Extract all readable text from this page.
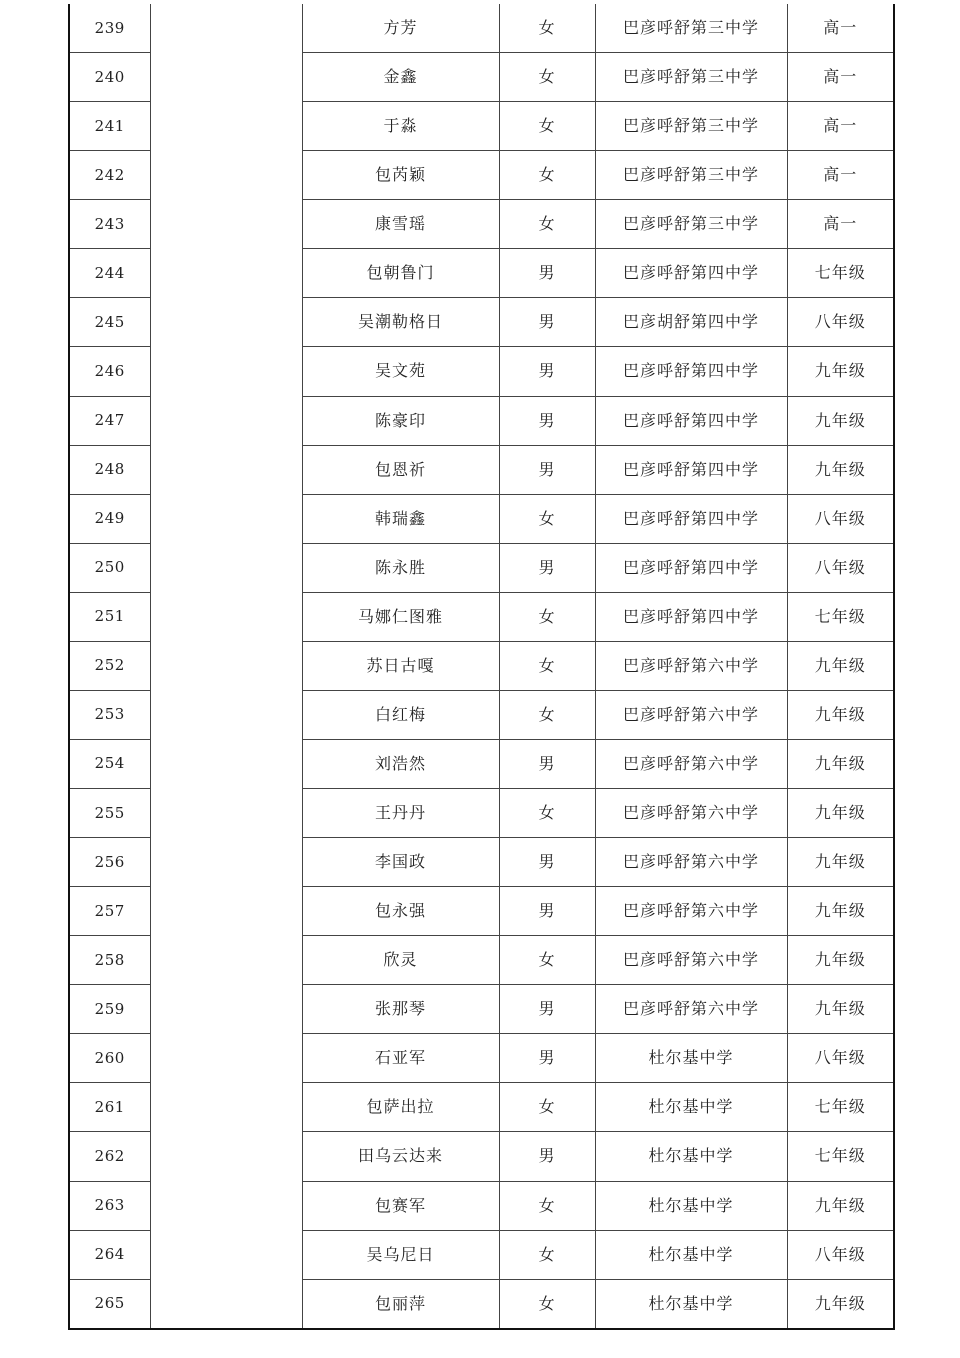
239		方芳	女	巴彦呼舒第三中学	高一
240		金鑫	女	巴彦呼舒第三中学	高一
241		于淼	女	巴彦呼舒第三中学	高一
242		包芮颖	女	巴彦呼舒第三中学	高一
243		康雪瑶	女	巴彦呼舒第三中学	高一
244		包朝鲁门	男	巴彦呼舒第四中学	七年级
245		吴潮勒格日	男	巴彦胡舒第四中学	八年级
246		吴文苑	男	巴彦呼舒第四中学	九年级
247		陈豪印	男	巴彦呼舒第四中学	九年级
248		包恩祈	男	巴彦呼舒第四中学	九年级
249		韩瑞鑫	女	巴彦呼舒第四中学	八年级
250		陈永胜	男	巴彦呼舒第四中学	八年级
251		马娜仁图雅	女	巴彦呼舒第四中学	七年级
252		苏日古嘎	女	巴彦呼舒第六中学	九年级
253		白红梅	女	巴彦呼舒第六中学	九年级
254		刘浩然	男	巴彦呼舒第六中学	九年级
255		王丹丹	女	巴彦呼舒第六中学	九年级
256		李国政	男	巴彦呼舒第六中学	九年级
257		包永强	男	巴彦呼舒第六中学	九年级
258		欣灵	女	巴彦呼舒第六中学	九年级
259		张那琴	男	巴彦呼舒第六中学	九年级
260		石亚军	男	杜尔基中学	八年级
261		包萨出拉	女	杜尔基中学	七年级
262		田乌云达来	男	杜尔基中学	七年级
263		包赛军	女	杜尔基中学	九年级
264		吴乌尼日	女	杜尔基中学	八年级
265		包丽萍	女	杜尔基中学	九年级
